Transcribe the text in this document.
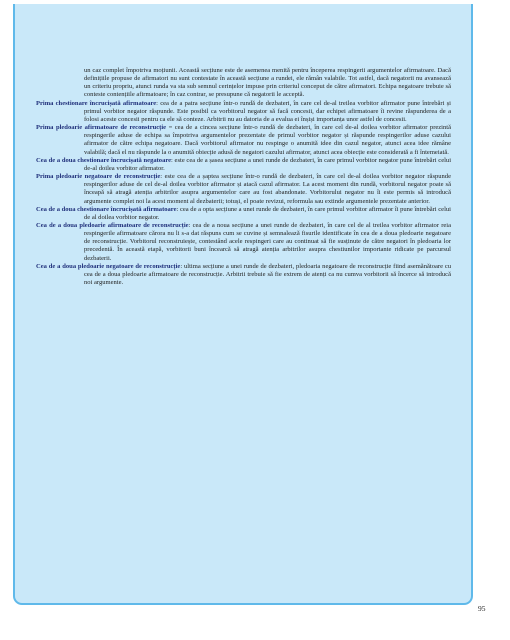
un caz complet împotriva moțiunii. Această secțiune este de asemenea menită pentru începerea respingerii argumentelor afirmatoare. Dacă definițiile propuse de afirmatori nu sunt contestate în această secțiune a rundei, ele rămân valabile. Tot astfel, dacă negatorii nu avansează un criteriu propriu, atunci runda va sta sub semnul cerințelor impuse prin criteriul conceput de către afirmatori. Echipa negatoare trebuie să conteste contențiile afirmatoare; în caz contrar, se presupune că negatorii le acceptă.

Prima chestionare încrucișată afirmatoare: cea de a patra secțiune într-o rundă de dezbateri, în care cel de-al treilea vorbitor afirmator pune întrebări și primul vorbitor negator răspunde. Este posibil ca vorbitorul negator să facă concesii, dar echipei afirmatoare îi revine răspunderea de a folosi aceste concesii pentru ca ele să conteze. Arbitrii nu au datoria de a evalua ei înșiși importanța unor astfel de concesii.

Prima pledoarie afirmatoare de reconstrucție = cea de a cincea secțiune într-o rundă de dezbateri, în care cel de-al doilea vorbitor afirmator prezintă respingerile aduse de echipa sa împotriva argumentelor prezentate de primul vorbitor negator și răspunde respingerilor aduse cazului afirmator de către echipa negatoare. Dacă vorbitorul afirmator nu respinge o anumită idee din cazul negator, atunci acea idee rămâne valabilă; dacă el nu răspunde la o anumită obiecție adusă de negatori cazului afirmator, atunci acea obiecție este considerată a fi întemeiată.

Cea de a doua chestionare încrucișată negatoare: este cea de a șasea secțiune a unei runde de dezbateri, în care primul vorbitor negator pune întrebări celui de-al doilea vorbitor afirmator.

Prima pledoarie negatoare de reconstrucție: este cea de a șaptea secțiune într-o rundă de dezbateri, în care cel de-al doilea vorbitor negator răspunde respingerilor aduse de cel de-al doilea vorbitor afirmator și atacă cazul afirmator. La acest moment din rundă, vorbitorul negator poate să înceapă să atragă atenția arbitrilor asupra argumentelor care au fost abandonate. Vorbitorului negator nu îi este permis să introducă argumente complet noi la acest moment al dezbaterii; totuși, el poate revizui, reformula sau extinde argumentele prezentate anterior.

Cea de a doua chestionare încrucișată afirmatoare: cea de a opta secțiune a unei runde de dezbateri, în care primul vorbitor afirmator îi pune întrebări celui de al doilea vorbitor negator.

Cea de a doua pledoarie afirmatoare de reconstrucție: cea de a noua secțiune a unei runde de dezbateri, în care cel de al treilea vorbitor afirmator reia respingerile afirmatoare cărora nu li s-a dat răspuns cum se cuvine și semnalează fisurile identificate în cea de a doua pledoarie negatoare de reconstrucție. Vorbitorul reconstruiește, contestând acele respingeri care au continuat să fie susținute de către negatori în pledoaria lor precedentă. În această etapă, vorbitorii buni încearcă să atragă atenția arbitrilor asupra chestiunilor importante ridicate pe parcursul dezbaterii.

Cea de a doua pledoarie negatoare de reconstrucție: ultima secțiune a unei runde de dezbateri, pledoaria negatoare de reconstrucție fiind asemănătoare cu cea de a doua pledoarie afirmatoare de reconstrucție. Arbitrii trebuie să fie extrem de atenți ca nu cumva vorbitorii să încerce să introducă noi argumente.

95
